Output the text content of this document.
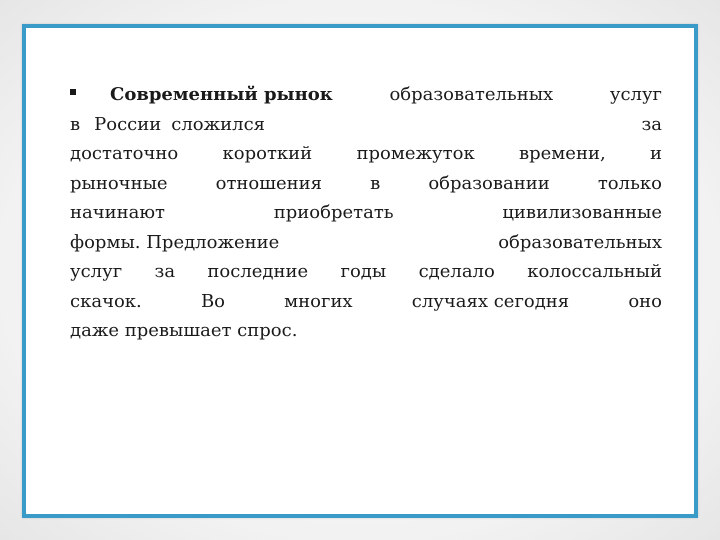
Современный рынок	образовательных	услуг
в России сложился	за
достаточно короткий промежуток времени, и
рыночные	отношения	в	образовании	только
начинают	приобретать	цивилизованные
формы. Предложение	образовательных
услуг за последние годы сделало колоссальный
скачок.	Во	многих	случаях сегодня	оно
даже превышает спрос.
